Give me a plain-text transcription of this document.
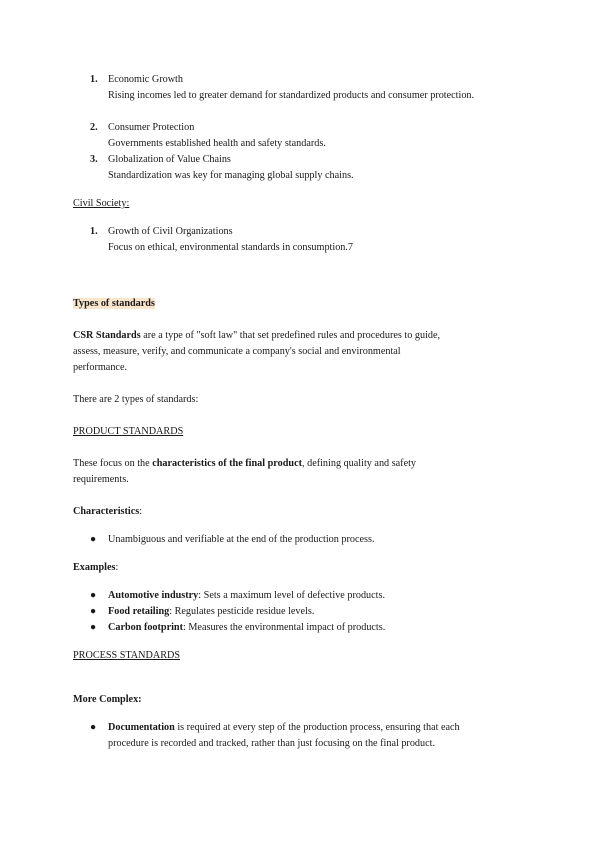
1. Economic Growth
Rising incomes led to greater demand for standardized products and consumer protection.
2. Consumer Protection
Governments established health and safety standards.
3. Globalization of Value Chains
Standardization was key for managing global supply chains.
Civil Society:
1. Growth of Civil Organizations
Focus on ethical, environmental standards in consumption.7
Types of standards
CSR Standards are a type of "soft law" that set predefined rules and procedures to guide,
assess, measure, verify, and communicate a company's social and environmental
performance.
There are 2 types of standards:
PRODUCT STANDARDS
These focus on the characteristics of the final product, defining quality and safety
requirements.
Characteristics:
● Unambiguous and verifiable at the end of the production process.
Examples:
● Automotive industry: Sets a maximum level of defective products.
● Food retailing: Regulates pesticide residue levels.
● Carbon footprint: Measures the environmental impact of products.
PROCESS STANDARDS
More Complex:
● Documentation is required at every step of the production process, ensuring that each
procedure is recorded and tracked, rather than just focusing on the final product.
